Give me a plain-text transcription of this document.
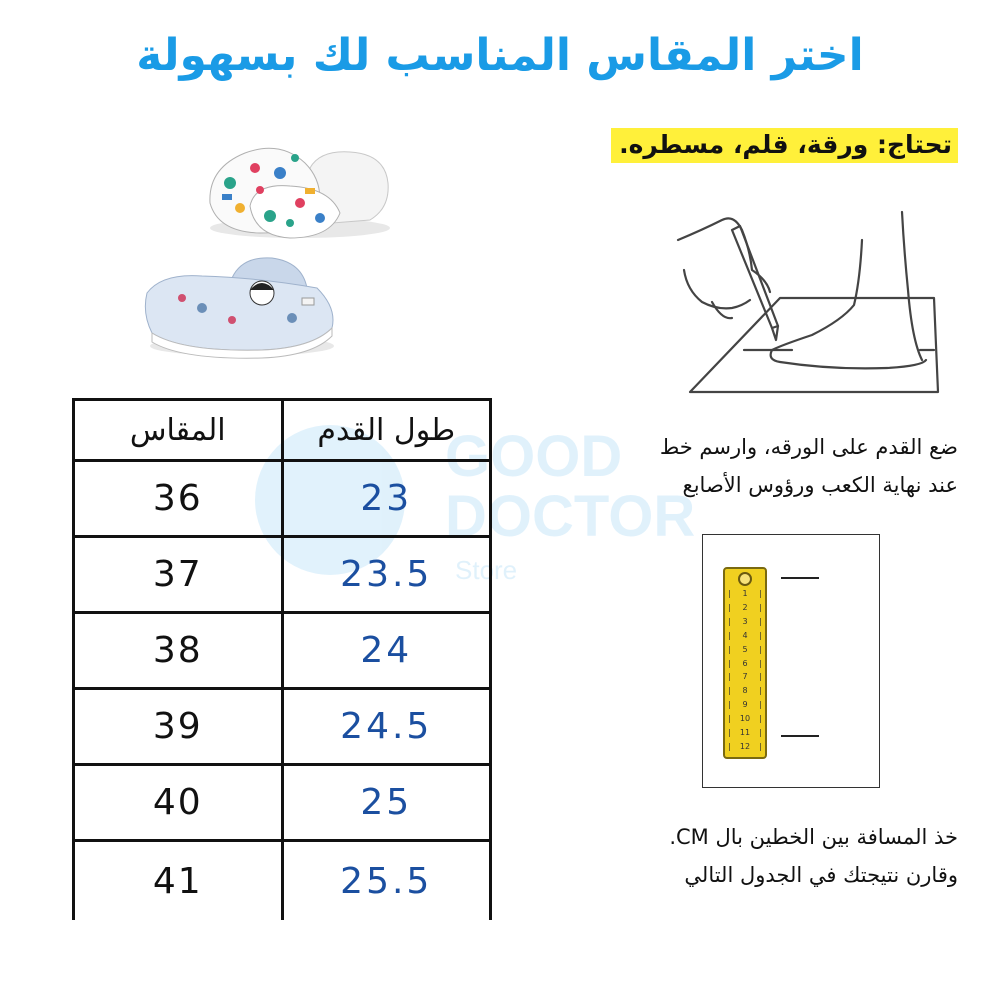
اختر المقاس المناسب لك بسهولة
تحتاج: ورقة، قلم، مسطره.
ضع القدم على الورقه، وارسم خط
عند نهاية الكعب ورؤوس الأصابع
| 1 |
| 2 |
| 3 |
| 4 |
| 5 |
| 6 |
| 7 |
| 8 |
| 9 |
| 10 |
| 11 |
| 12 |
خذ المسافة بين الخطين بال CM.
وقارن نتيجتك في الجدول التالي
GOOD
DOCTOR
Store
المقاس	طول القدم
36	23
37	23.5
38	24
39	24.5
40	25
41	25.5
